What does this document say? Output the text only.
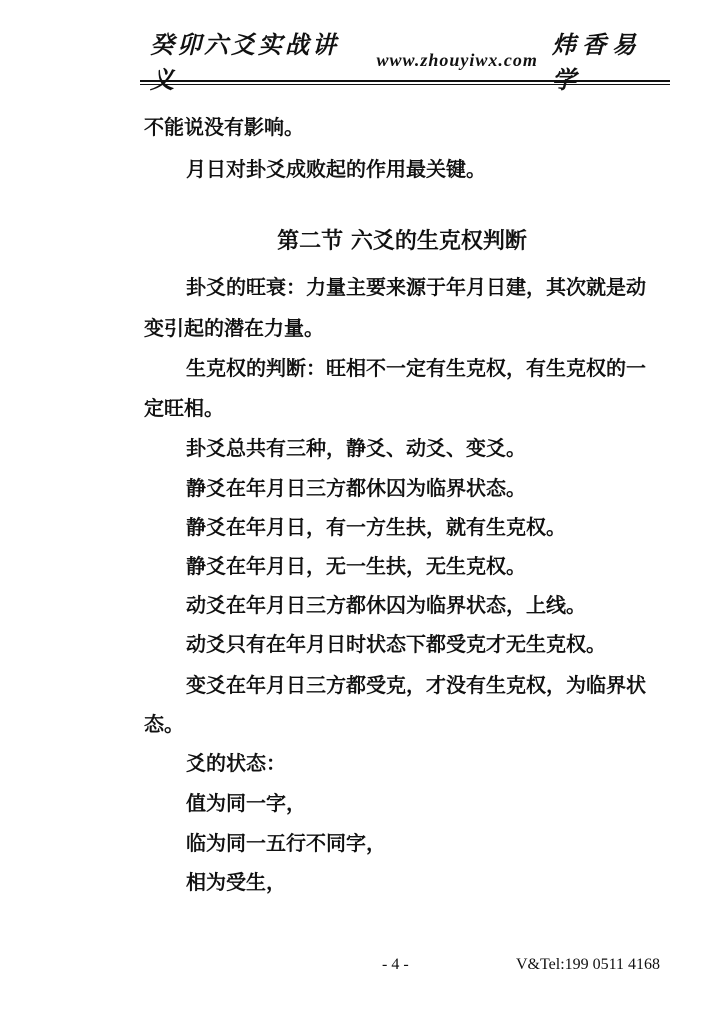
癸卯六爻实战讲义
www.zhouyiwx.com
炜香易学
不能说没有影响。
月日对卦爻成败起的作用最关键。
第二节 六爻的生克权判断
卦爻的旺衰：力量主要来源于年月日建，其次就是动
变引起的潜在力量。
生克权的判断：旺相不一定有生克权，有生克权的一
定旺相。
卦爻总共有三种，静爻、动爻、变爻。
静爻在年月日三方都休囚为临界状态。
静爻在年月日，有一方生扶，就有生克权。
静爻在年月日，无一生扶，无生克权。
动爻在年月日三方都休囚为临界状态，上线。
动爻只有在年月日时状态下都受克才无生克权。
变爻在年月日三方都受克，才没有生克权，为临界状
态。
爻的状态：
值为同一字，
临为同一五行不同字，
相为受生，
- 4 -	V&Tel:199 0511 4168
